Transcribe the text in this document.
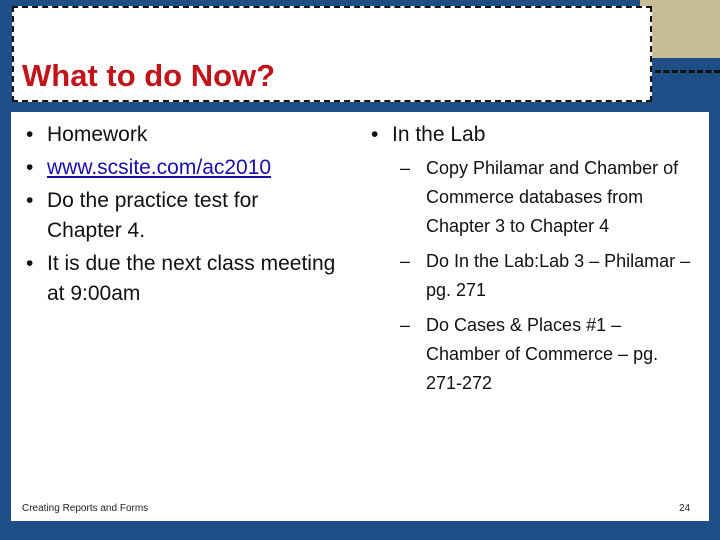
What to do Now?
• Homework
• www.scsite.com/ac2010
• Do the practice test for Chapter 4.
• It is due the next class meeting at 9:00am
• In the Lab
– Copy Philamar and Chamber of Commerce databases from Chapter 3 to Chapter 4
– Do In the Lab:Lab 3 – Philamar – pg. 271
– Do Cases & Places #1 – Chamber of Commerce – pg. 271-272
Creating Reports and Forms	24
